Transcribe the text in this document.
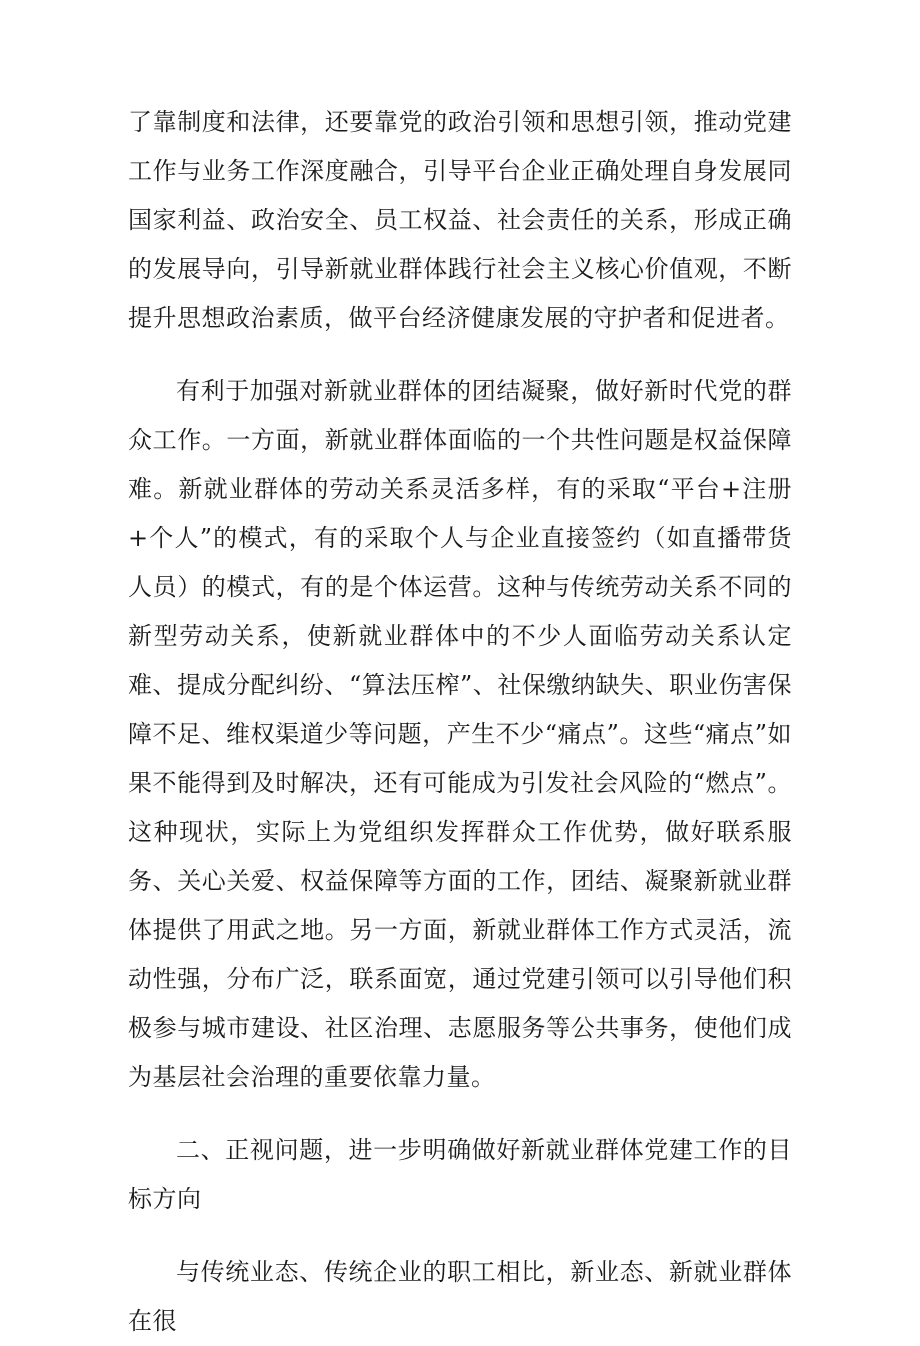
了靠制度和法律，还要靠党的政治引领和思想引领，推动党建工作与业务工作深度融合，引导平台企业正确处理自身发展同国家利益、政治安全、员工权益、社会责任的关系，形成正确的发展导向，引导新就业群体践行社会主义核心价值观，不断提升思想政治素质，做平台经济健康发展的守护者和促进者。

有利于加强对新就业群体的团结凝聚，做好新时代党的群众工作。一方面，新就业群体面临的一个共性问题是权益保障难。新就业群体的劳动关系灵活多样，有的采取“平台+注册+个人”的模式，有的采取个人与企业直接签约（如直播带货人员）的模式，有的是个体运营。这种与传统劳动关系不同的新型劳动关系，使新就业群体中的不少人面临劳动关系认定难、提成分配纠纷、“算法压榨”、社保缴纳缺失、职业伤害保障不足、维权渠道少等问题，产生不少“痛点”。这些“痛点”如果不能得到及时解决，还有可能成为引发社会风险的“燃点”。这种现状，实际上为党组织发挥群众工作优势，做好联系服务、关心关爱、权益保障等方面的工作，团结、凝聚新就业群体提供了用武之地。另一方面，新就业群体工作方式灵活，流动性强，分布广泛，联系面宽，通过党建引领可以引导他们积极参与城市建设、社区治理、志愿服务等公共事务，使他们成为基层社会治理的重要依靠力量。

二、正视问题，进一步明确做好新就业群体党建工作的目标方向

与传统业态、传统企业的职工相比，新业态、新就业群体在很
